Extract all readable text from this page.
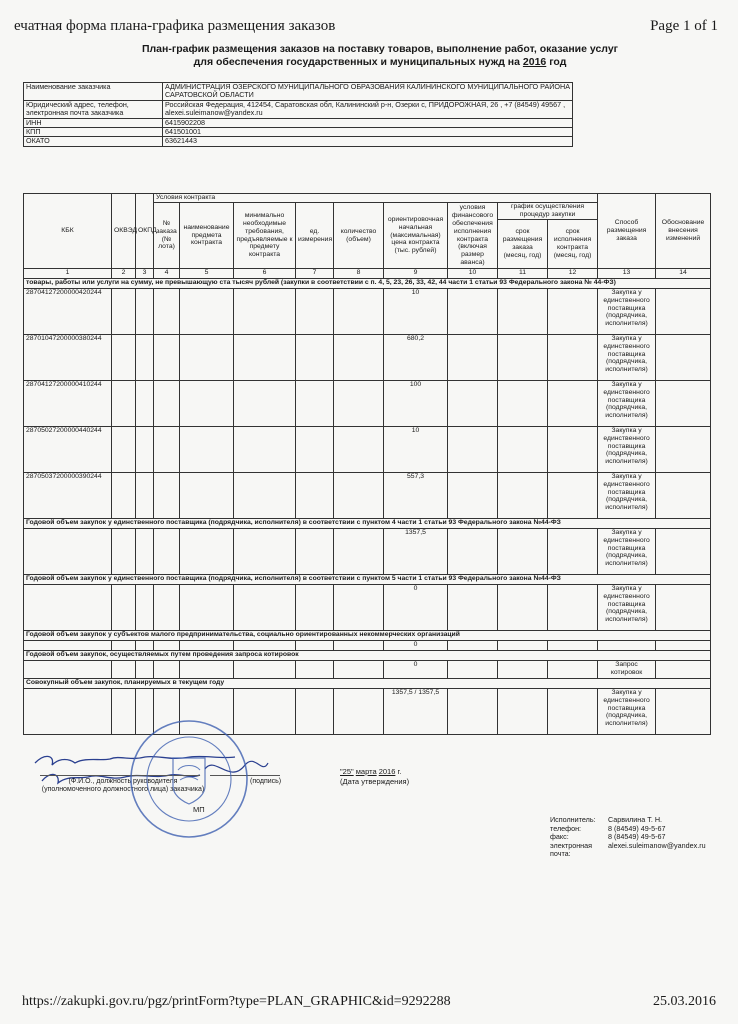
ечатная форма плана-графика размещения заказов	Page 1 of 1
План-график размещения заказов на поставку товаров, выполнение работ, оказание услуг
для обеспечения государственных и муниципальных нужд на 2016 год
Наименование заказчика	АДМИНИСТРАЦИЯ ОЗЕРСКОГО МУНИЦИПАЛЬНОГО ОБРАЗОВАНИЯ КАЛИНИНСКОГО МУНИЦИПАЛЬНОГО РАЙОНА САРАТОВСКОЙ ОБЛАСТИ
Юридический адрес, телефон, электронная почта заказчика	Российская Федерация, 412454, Саратовская обл, Калининский р-н, Озерки с, ПРИДОРОЖНАЯ, 26 , +7 (84549) 49567 , alexei.suleimanow@yandex.ru
ИНН	6415902208
КПП	641501001
ОКАТО	63621443
КБК	ОКВЭД	ОКПД	Условия контракта									Способ размещения заказа	Обоснование внесения изменений
			№ заказа (№ лота)	наименование предмета контракта	минимально необходимые требования, предъявляемые к предмету контракта	ед. измерения	количество (объем)	ориентировочная начальная (максимальная) цена контракта (тыс. рублей)	условия финансового обеспечения исполнения контракта (включая размер аванса)	график осуществления процедур закупки			
										срок размещения заказа (месяц, год)	срок исполнения контракта (месяц, год)		
1	2	3	4	5	6	7	8	9	10	11	12	13	14
товары, работы или услуги на сумму, не превышающую ста тысяч рублей (закупки в соответствии с п. 4, 5, 23, 26, 33, 42, 44 части 1 статьи 93 Федерального закона № 44-ФЗ)													
28704127200000420244								10				Закупка у единственного поставщика (подрядчика, исполнителя)	
28701047200000380244								680,2				Закупка у единственного поставщика (подрядчика, исполнителя)	
28704127200000410244								100				Закупка у единственного поставщика (подрядчика, исполнителя)	
28705027200000440244								10				Закупка у единственного поставщика (подрядчика, исполнителя)	
28705037200000390244								557,3				Закупка у единственного поставщика (подрядчика, исполнителя)	
Годовой объем закупок у единственного поставщика (подрядчика, исполнителя) в соответствии с пунктом 4 части 1 статьи 93 Федерального закона №44-ФЗ													
								1357,5				Закупка у единственного поставщика (подрядчика, исполнителя)	
Годовой объем закупок у единственного поставщика (подрядчика, исполнителя) в соответствии с пунктом 5 части 1 статьи 93 Федерального закона №44-ФЗ													
								0				Закупка у единственного поставщика (подрядчика, исполнителя)	
Годовой объем закупок у субъектов малого предпринимательства, социально ориентированных некоммерческих организаций													
								0					
Годовой объем закупок, осуществляемых путем проведения запроса котировок													
								0				Запрос котировок	
Совокупный объем закупок, планируемых в текущем году													
								1357,5 / 1357,5				Закупка у единственного поставщика (подрядчика, исполнителя)	
(Ф.И.О., должность руководителя (уполномоченного должностного лица) заказчика)
(подпись)
МП
"25" марта 2016 г.
(Дата утверждения)
Исполнитель:	Сарвилина Т. Н.
телефон:	8 (84549) 49-5-67
факс:	8 (84549) 49-5-67
электронная почта:	alexei.suleimanow@yandex.ru
https://zakupki.gov.ru/pgz/printForm?type=PLAN_GRAPHIC&id=9292288	25.03.2016
